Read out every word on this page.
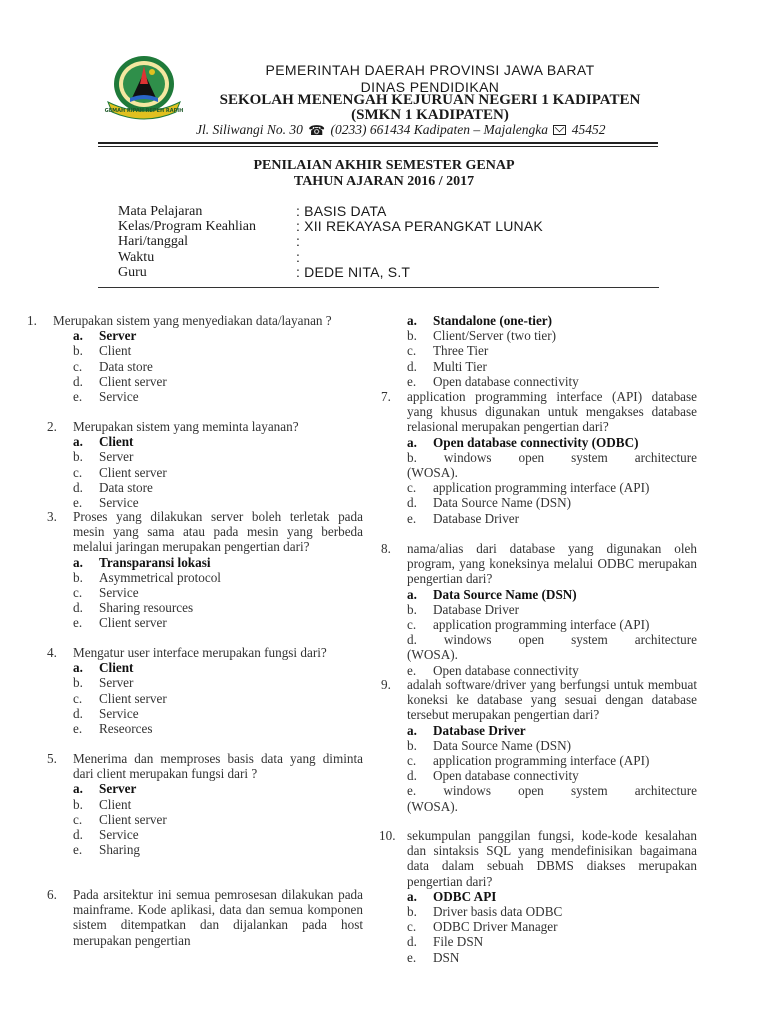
GEMAH RIPAH REPEH RAPIH
PEMERINTAH DAERAH PROVINSI JAWA BARAT
DINAS PENDIDIKAN
SEKOLAH MENENGAH KEJURUAN NEGERI 1 KADIPATEN
(SMKN 1 KADIPATEN)
Jl. Siliwangi No. 30 ☎ (0233) 661434 Kadipaten – Majalengka 45452
PENILAIAN AKHIR SEMESTER GENAP
TAHUN AJARAN 2016 / 2017
Mata Pelajaran	: BASIS DATA
Kelas/Program Keahlian	: XII REKAYASA PERANGKAT LUNAK
Hari/tanggal	:
Waktu	:
Guru	: DEDE NITA, S.T
1. Merupakan sistem yang menyediakan data/layanan ?
a. Server
b. Client
c. Data store
d. Client server
e. Service
2. Merupakan sistem yang meminta layanan?
a. Client
b. Server
c. Client server
d. Data store
e. Service
3. Proses yang dilakukan server boleh terletak pada mesin yang sama atau pada mesin yang berbeda melalui jaringan merupakan pengertian dari?
a. Transparansi lokasi
b. Asymmetrical protocol
c. Service
d. Sharing resources
e. Client server
4. Mengatur user interface merupakan fungsi dari?
a. Client
b. Server
c. Client server
d. Service
e. Reseorces
5. Menerima dan memproses basis data yang diminta dari client merupakan fungsi dari ?
a. Server
b. Client
c. Client server
d. Service
e. Sharing
6. Pada arsitektur ini semua pemrosesan dilakukan pada mainframe. Kode aplikasi, data dan semua komponen sistem ditempatkan dan dijalankan pada host merupakan pengertian
a. Standalone (one-tier)
b. Client/Server (two tier)
c. Three Tier
d. Multi Tier
e. Open database connectivity
7. application programming interface (API) database yang khusus digunakan untuk mengakses database relasional merupakan pengertian dari?
a. Open database connectivity (ODBC)
b. windows open system architecture (WOSA).
c. application programming interface (API)
d. Data Source Name (DSN)
e. Database Driver
8. nama/alias dari database yang digunakan oleh program, yang koneksinya melalui ODBC merupakan pengertian dari?
a. Data Source Name (DSN)
b. Database Driver
c. application programming interface (API)
d. windows open system architecture (WOSA).
e. Open database connectivity
9. adalah software/driver yang berfungsi untuk membuat koneksi ke database yang sesuai dengan database tersebut merupakan pengertian dari?
a. Database Driver
b. Data Source Name (DSN)
c. application programming interface (API)
d. Open database connectivity
e. windows open system architecture (WOSA).
10. sekumpulan panggilan fungsi, kode-kode kesalahan dan sintaksis SQL yang mendefinisikan bagaimana data dalam sebuah DBMS diakses merupakan pengertian dari?
a. ODBC API
b. Driver basis data ODBC
c. ODBC Driver Manager
d. File DSN
e. DSN
